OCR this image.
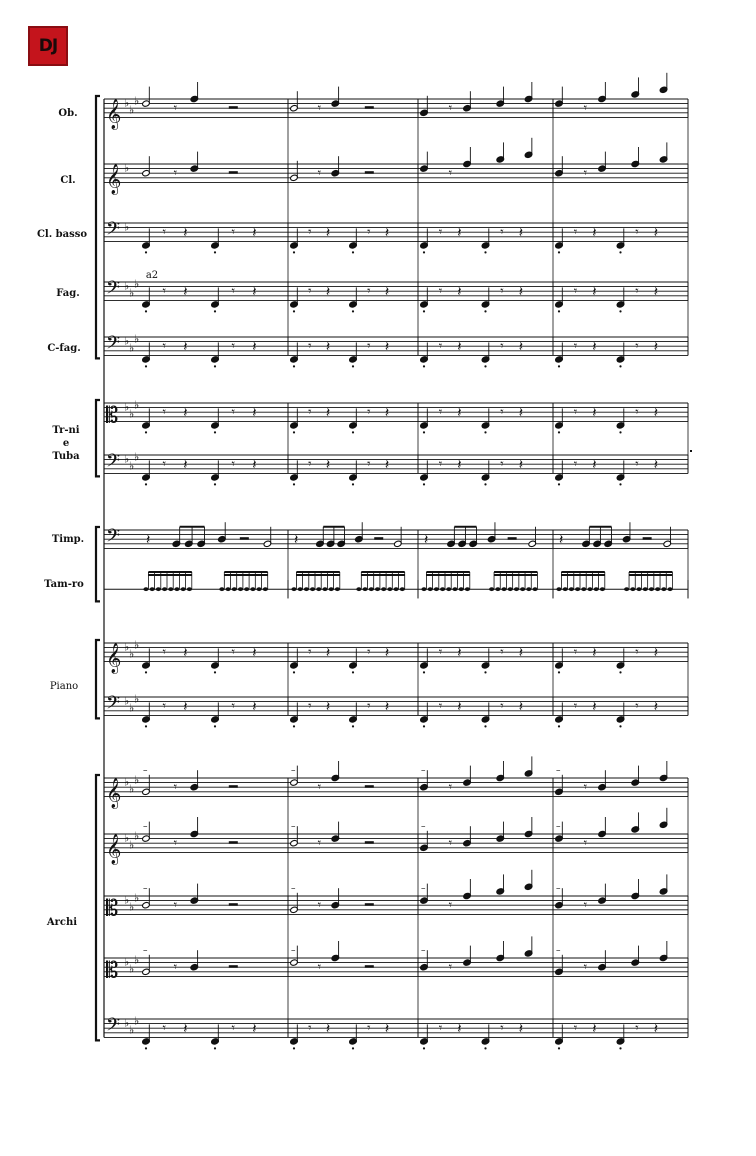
DJ
Ob.
Cl.
Cl. basso
Fag.
C-fag.
Tr-ni
e
Tuba
Timp.
Tam-ro
Piano
Archi
a2
𝄞 ♭
♭
♭
𝄞 ♭
𝄢 ♭
𝄢 ♭
♭
♭
𝄢 ♭
♭
♭
𝄡 ♭
♭
♭
𝄢 ♭
♭
♭
𝄢
𝄞 ♭
♭
♭
𝄢 ♭
♭
♭
𝄞 ♭
♭
♭
𝄞 ♭
♭
♭
𝄡 ♭
♭
♭
𝄡 ♭
♭
♭
𝄢 ♭
♭
♭
𝄾	𝄾	𝄾	𝄾
𝄾	𝄾	𝄾	𝄾
𝄾 𝄽	𝄾 𝄽	𝄾 𝄽	𝄾 𝄽	𝄾 𝄽	𝄾 𝄽	𝄾 𝄽	𝄾 𝄽
𝄾 𝄽	𝄾 𝄽	𝄾 𝄽	𝄾 𝄽	𝄾 𝄽	𝄾 𝄽	𝄾 𝄽	𝄾 𝄽
𝄾 𝄽	𝄾 𝄽	𝄾 𝄽	𝄾 𝄽	𝄾 𝄽	𝄾 𝄽	𝄾 𝄽	𝄾 𝄽
𝄾 𝄽	𝄾 𝄽	𝄾 𝄽	𝄾 𝄽	𝄾 𝄽	𝄾 𝄽	𝄾 𝄽	𝄾 𝄽
𝄾 𝄽	𝄾 𝄽	𝄾 𝄽	𝄾 𝄽	𝄾 𝄽	𝄾 𝄽	𝄾 𝄽	𝄾 𝄽
𝄽	𝄽	𝄽	𝄽
𝄾 𝄽	𝄾 𝄽	𝄾 𝄽	𝄾 𝄽	𝄾 𝄽	𝄾 𝄽	𝄾 𝄽	𝄾 𝄽
𝄾 𝄽	𝄾 𝄽	𝄾 𝄽	𝄾 𝄽	𝄾 𝄽	𝄾 𝄽	𝄾 𝄽	𝄾 𝄽
–
𝄾
–
𝄾
–
𝄾
–
𝄾
–
𝄾
–
𝄾
–
𝄾
–
𝄾
–
𝄾
–
𝄾
–
𝄾
–
𝄾
–
𝄾
–
𝄾
–
𝄾
–
𝄾
𝄾 𝄽	𝄾 𝄽	𝄾 𝄽	𝄾 𝄽	𝄾 𝄽	𝄾 𝄽	𝄾 𝄽	𝄾 𝄽
